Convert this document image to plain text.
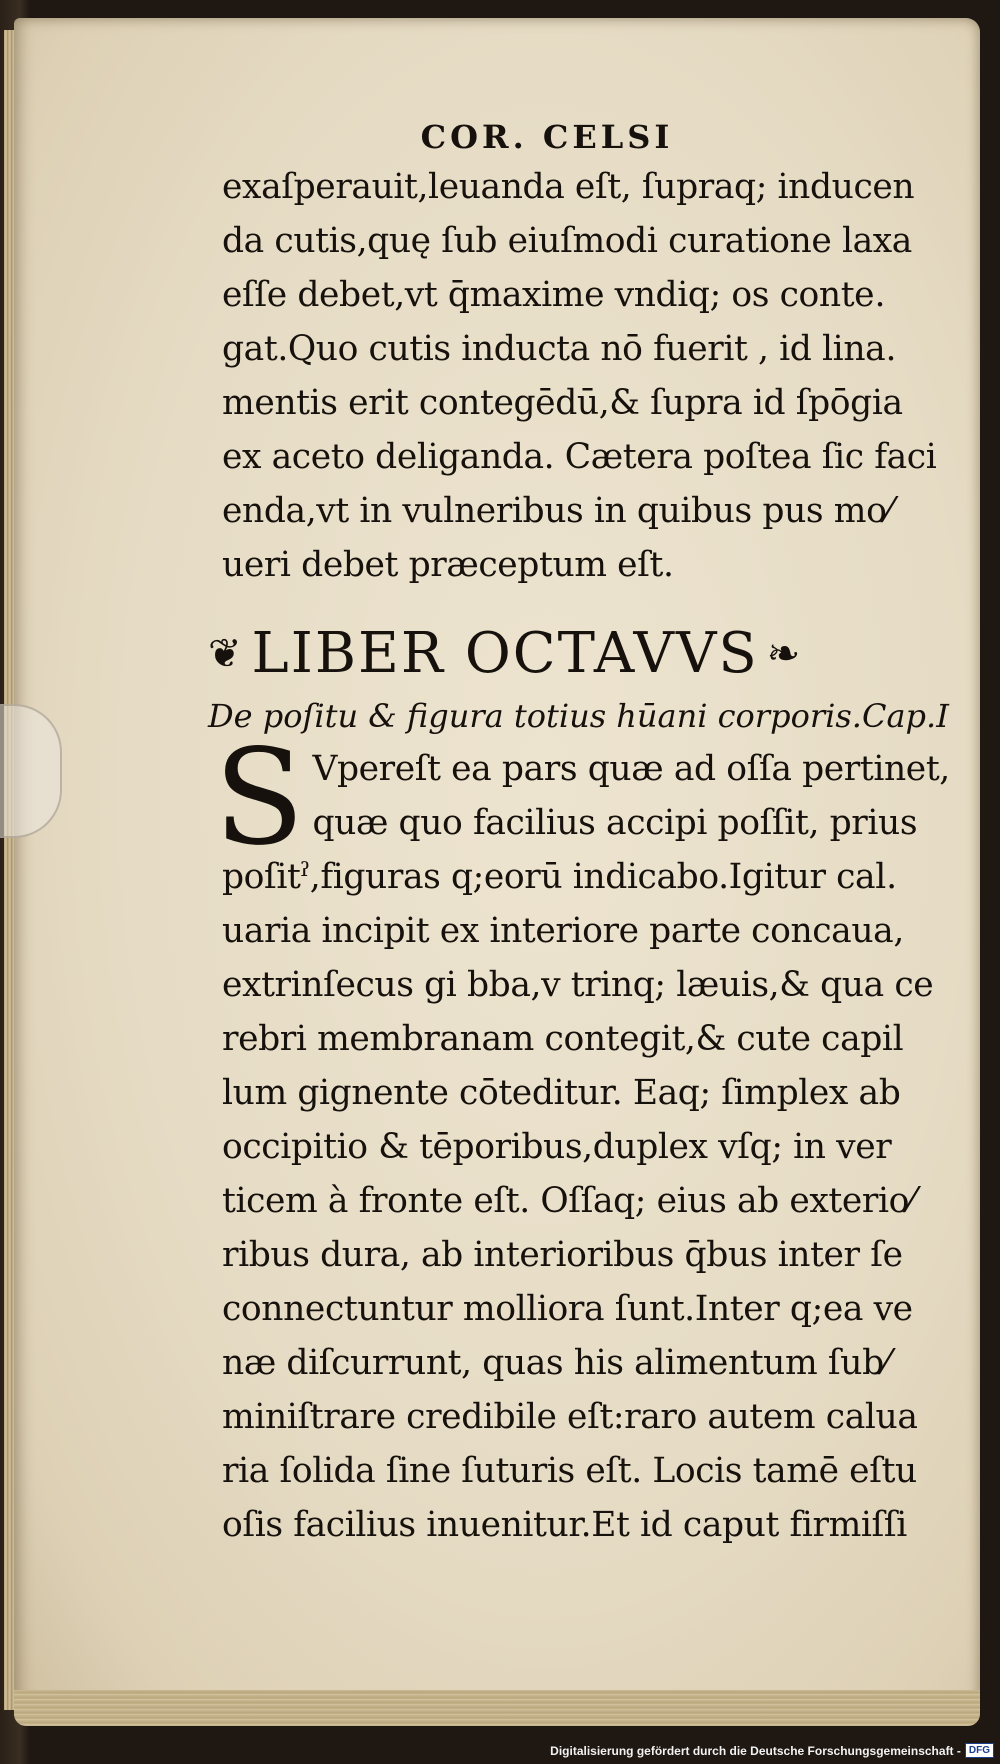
COR. CELSI
exaſperauit,leuanda eſt, ſupraq; inducen
da cutis,quę ſub eiuſmodi curatione laxa
eſſe debet,vt q̄maxime vndiq; os conte․
gat.Quo cutis inducta nō fuerit , id lina․
mentis erit contegēdū,& ſupra id ſpōgia
ex aceto deliganda. Cætera poſtea ſic faci
enda,vt in vulneribus in quibus pus mo⁄
ueri debet præceptum eſt.
❦ LIBER OCTAVVS ❧
De poſitu & figura totius hūani corporis.Cap.I
S Vpereſt ea pars quæ ad oſſa pertinet,
quæ quo facilius accipi poſſit, prius
poſitˀ,figuras q;eorū indicabo.Igitur cal․
uaria incipit ex interiore parte concaua,
extrinſecus gi bba,v trinq; læuis,& qua ce
rebri membranam contegit,& cute capil
lum gignente cōteditur. Eaq; ſimplex ab
occipitio & tēporibus,duplex vſq; in ver
ticem à fronte eſt. Oſſaq; eius ab exterio⁄
ribus dura, ab interioribus q̄bus inter ſe
connectuntur molliora ſunt.Inter q;ea ve
næ diſcurrunt, quas his alimentum ſub⁄
miniſtrare credibile eſt:raro autem calua
ria ſolida ſine ſuturis eſt. Locis tamē eſtu
oſis facilius inuenitur.Et id caput firmiſſi
Digitalisierung gefördert durch die Deutsche Forschungsgemeinschaft - DFG
